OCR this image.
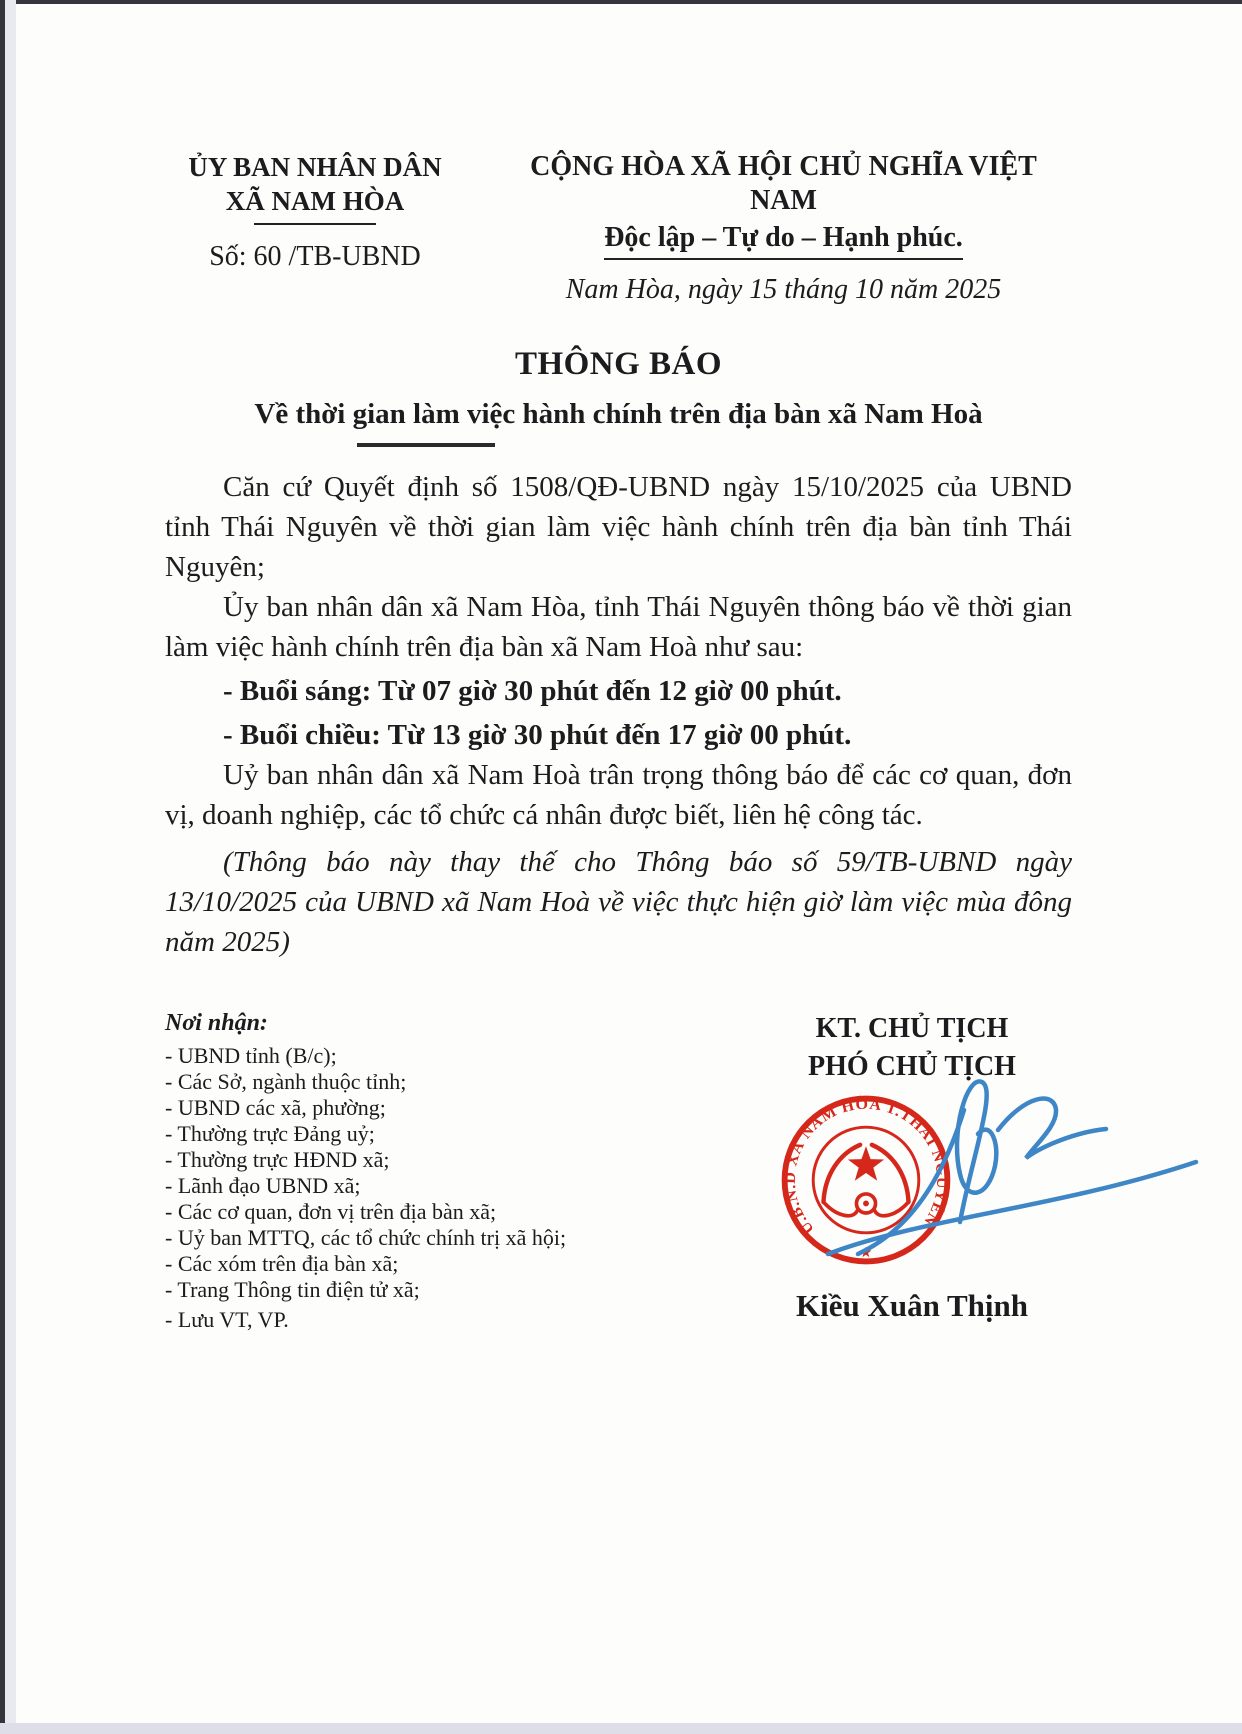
ỦY BAN NHÂN DÂN
XÃ NAM HÒA
Số: 60 /TB-UBND
CỘNG HÒA XÃ HỘI CHỦ NGHĨA VIỆT NAM
Độc lập – Tự do – Hạnh phúc.
Nam Hòa, ngày 15 tháng 10 năm 2025
THÔNG BÁO
Về thời gian làm việc hành chính trên địa bàn xã Nam Hoà

Căn cứ Quyết định số 1508/QĐ-UBND ngày 15/10/2025 của UBND tỉnh Thái Nguyên về thời gian làm việc hành chính trên địa bàn tỉnh Thái Nguyên;

Ủy ban nhân dân xã Nam Hòa, tỉnh Thái Nguyên thông báo về thời gian làm việc hành chính trên địa bàn xã Nam Hoà như sau:

- Buổi sáng: Từ 07 giờ 30 phút đến 12 giờ 00 phút.

- Buổi chiều: Từ 13 giờ 30 phút đến 17 giờ 00 phút.

Uỷ ban nhân dân xã Nam Hoà trân trọng thông báo để các cơ quan, đơn vị, doanh nghiệp, các tổ chức cá nhân được biết, liên hệ công tác.

(Thông báo này thay thế cho Thông báo số 59/TB-UBND ngày 13/10/2025 của UBND xã Nam Hoà về việc thực hiện giờ làm việc mùa đông năm 2025)

Nơi nhận:
- UBND tỉnh (B/c);
- Các Sở, ngành thuộc tỉnh;
- UBND các xã, phường;
- Thường trực Đảng uỷ;
- Thường trực HĐND xã;
- Lãnh đạo UBND xã;
- Các cơ quan, đơn vị trên địa bàn xã;
- Uỷ ban MTTQ, các tổ chức chính trị xã hội;
- Các xóm trên địa bàn xã;
- Trang Thông tin điện tử xã;
- Lưu VT, VP.
KT. CHỦ TỊCH
PHÓ CHỦ TỊCH
U.B.N.D XÃ NAM HÒA T.THÁI NGUYÊN
★
Kiều Xuân Thịnh
